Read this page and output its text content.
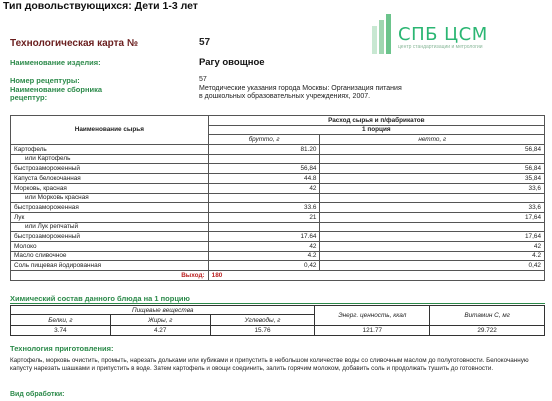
Тип довольствующихся: Дети 1-3 лет
СПБ ЦСМ
центр стандартизации и метрологии
Технологическая карта №	57
Наименование изделия:	Рагу овощное
Номер рецептуры:	57
Наименование сборника
рецептур:
Методические указания города Москвы: Организация питания
в дошкольных образовательных учреждениях, 2007.
Наименование сырья	Расход сырья и п/фабрикатов	
	1 порция	
	брутто, г	нетто, г
Картофель	81.20	56,84
или Картофель		
быстрозамороженный	56,84	56,84
Капуста белокочанная	44.8	35,84
Морковь, красная	42	33,6
или Морковь красная		
быстрозамороженная	33.6	33,6
Лук	21	17,64
или Лук репчатый		
быстрозамороженный	17.64	17,64
Молоко	42	42
Масло сливочное	4.2	4.2
Соль пищевая йодированная	0,42	0,42
Выход:	180	
Химический состав данного блюда на 1 порцию
Пищевые вещества			Энерг. ценность, ккал	Витамин С, мг
Белки, г	Жиры, г	Углеводы, г		
3.74	4.27	15.76	121.77	29.722
Технология приготовления:
Картофель, морковь очистить, промыть, нарезать дольками или кубиками и припустить в небольшом количестве воды со сливочным маслом до полуготовности. Белокочанную капусту нарезать шашками и припустить в воде. Затем картофель и овощи соединить, залить горячим молоком, добавить соль и продолжать тушить до готовности.
Вид обработки:
